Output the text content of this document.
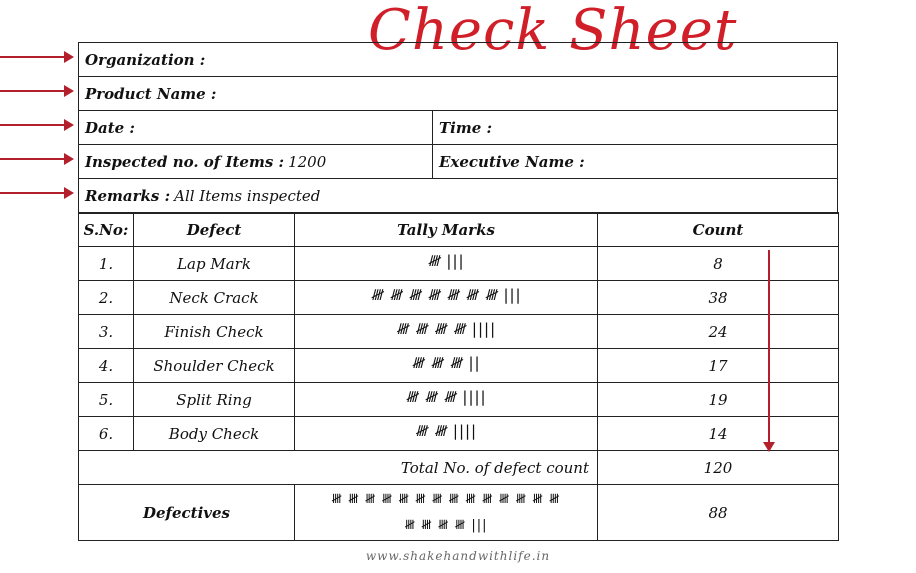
Check Sheet
Organization :
Product Name :
Date :	Time :
Inspected no. of Items : 1200	Executive Name :
Remarks : All Items inspected
S.No:	Defect	Tally Marks	Count
1.	Lap Mark	𝍸 |||	8
2.	Neck Crack	𝍸 𝍸 𝍸 𝍸 𝍸 𝍸 𝍸 |||	38
3.	Finish Check	𝍸 𝍸 𝍸 𝍸 ||||	24
4.	Shoulder Check	𝍸 𝍸 𝍸 ||	17
5.	Split Ring	𝍸 𝍸 𝍸 ||||	19
6.	Body Check	𝍸 𝍸 ||||	14
Total No. of defect count			120
Defectives		𝍸 𝍸 𝍸 𝍸 𝍸 𝍸 𝍸 𝍸 𝍸 𝍸 𝍸 𝍸 𝍸 𝍸
𝍸 𝍸 𝍸 𝍸 |||	88
www.shakehandwithlife.in
